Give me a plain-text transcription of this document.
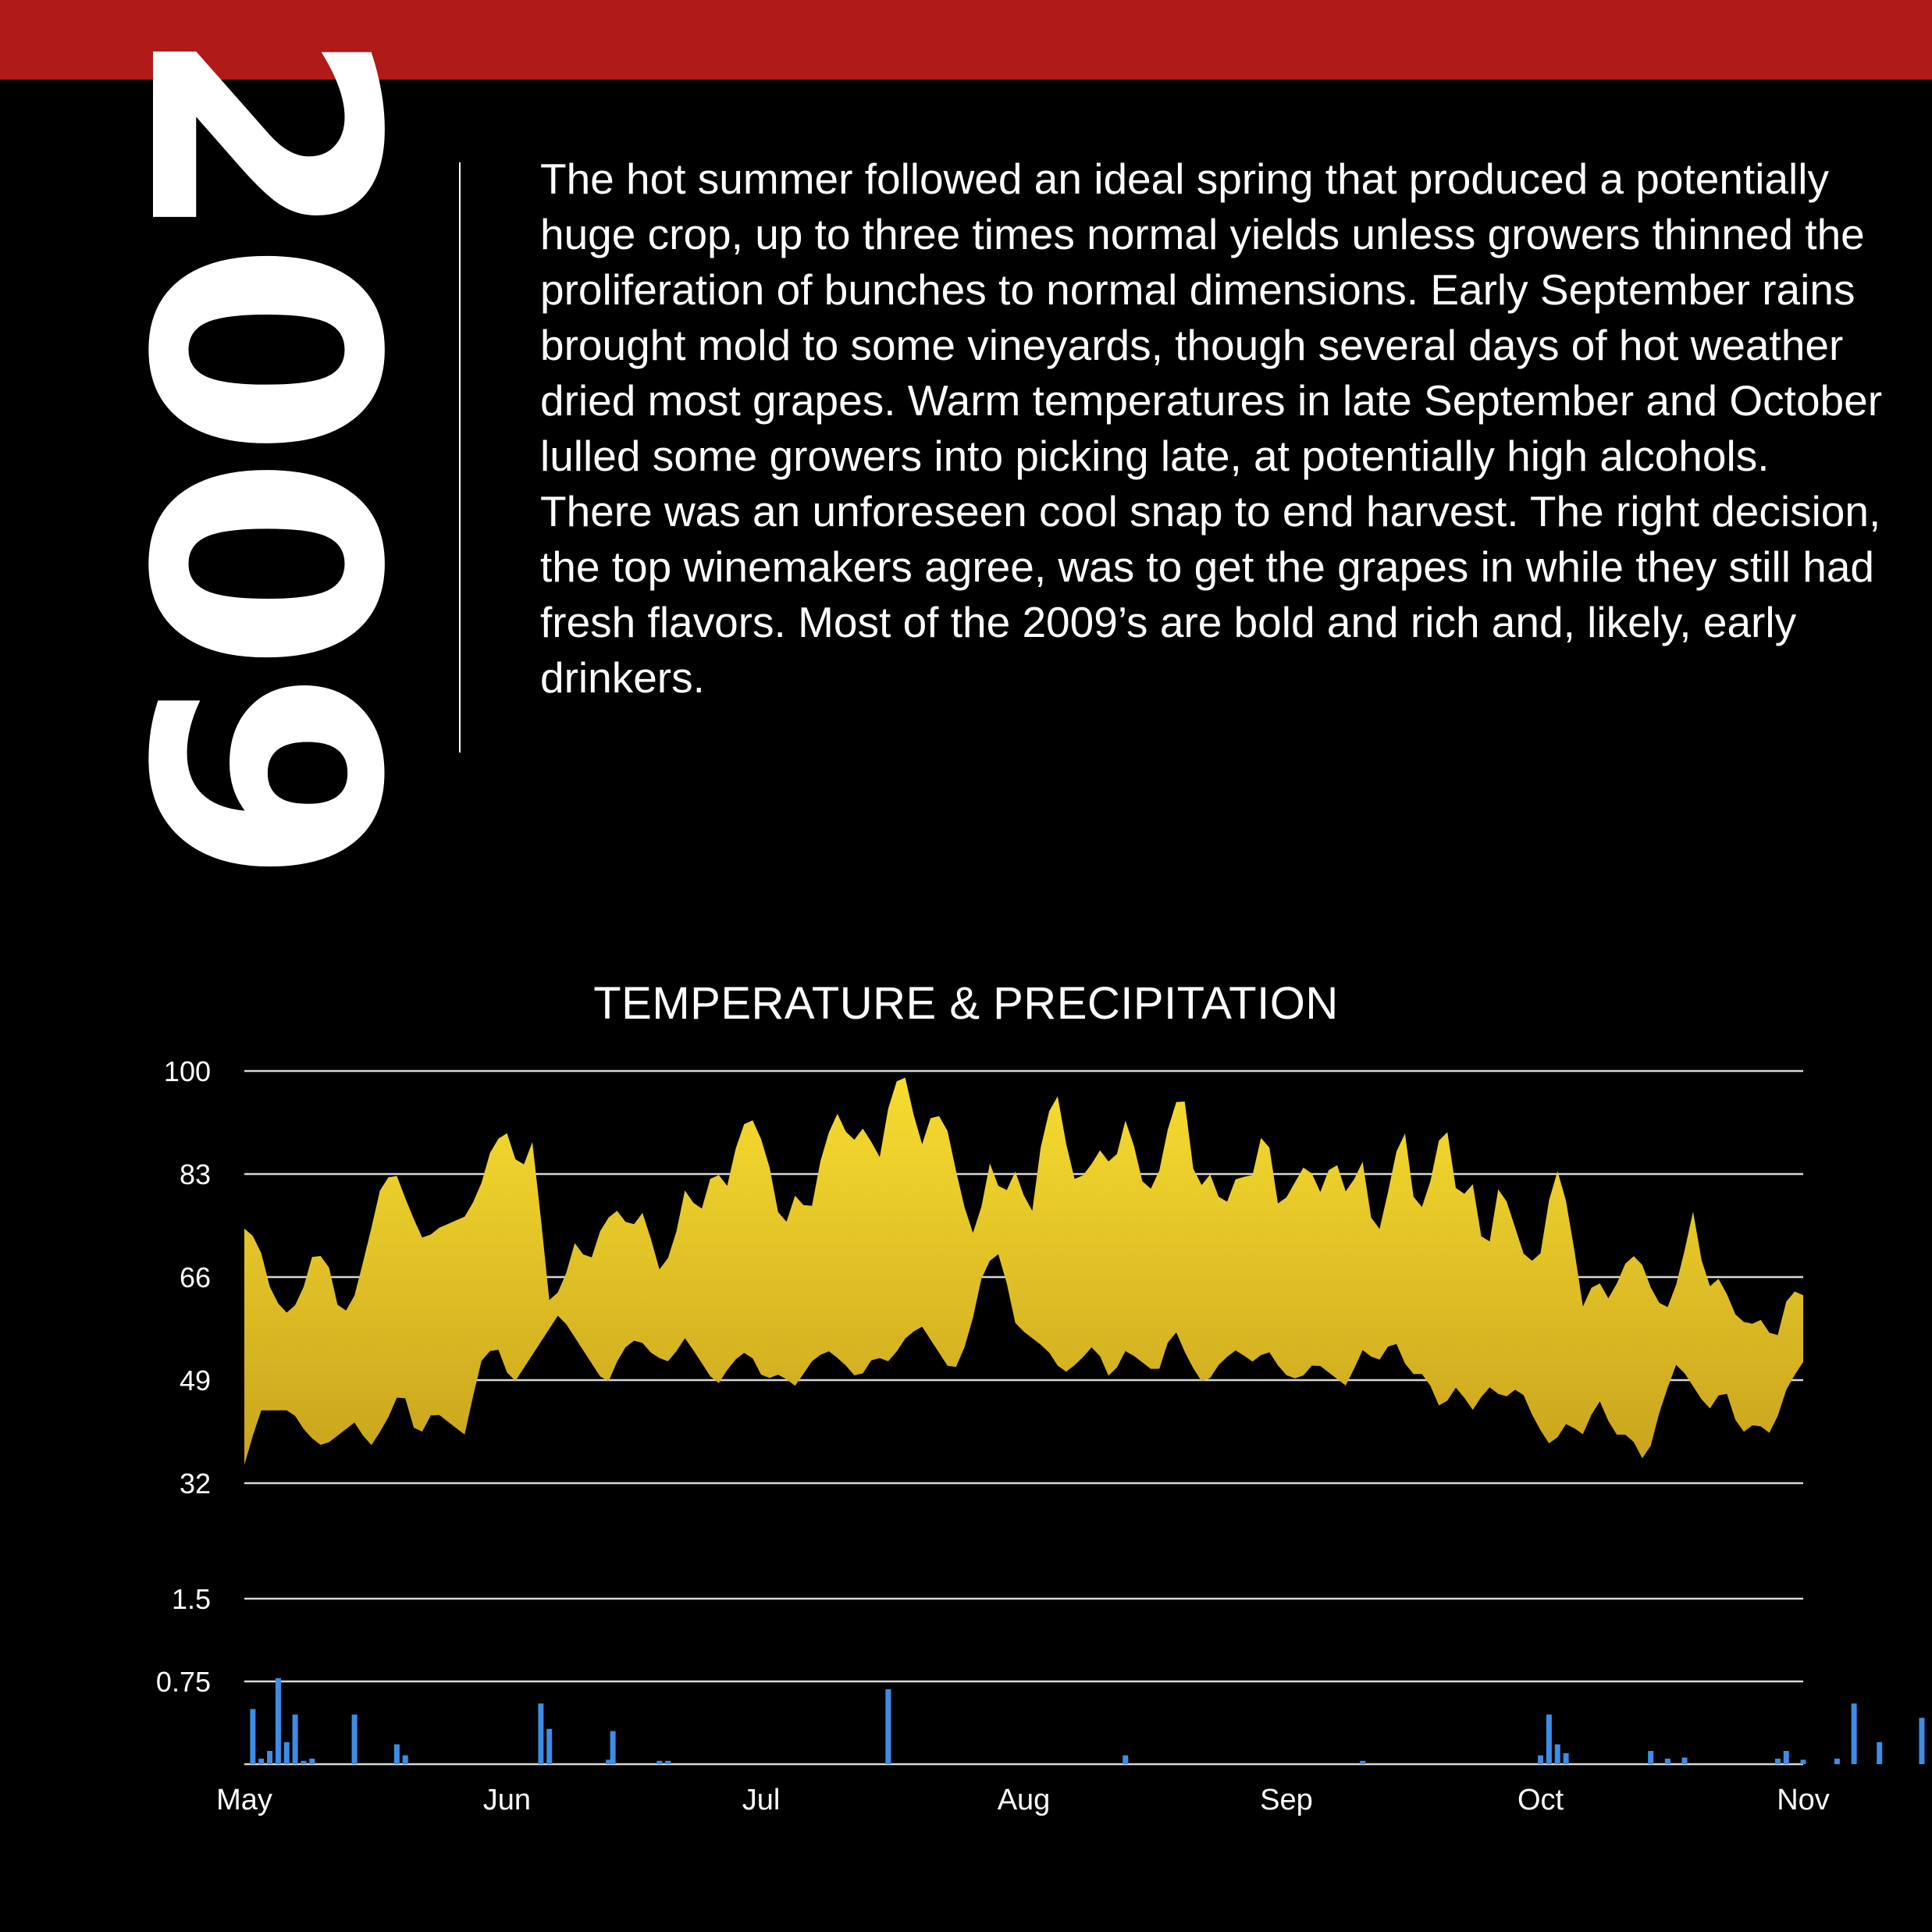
2009 The hot summer followed an ideal spring that produced a potentially huge crop, up to three times normal yields unless growers thinned the proliferation of bunches to normal dimensions. Early September rains brought mold to some vineyards, though several days of hot weather dried most grapes. Warm temperatures in late September and October lulled some growers into picking late, at potentially high alcohols. There was an unforeseen cool snap to end harvest. The right decision, the top winemakers agree, was to get the grapes in while they still had fresh flavors. Most of the 2009’s are bold and rich and, likely, early drinkers.

TEMPERATURE & PRECIPITATION
100
83
66
49
32
1.5
0.75
May	Jun	Jul	Aug	Sep	Oct	Nov
